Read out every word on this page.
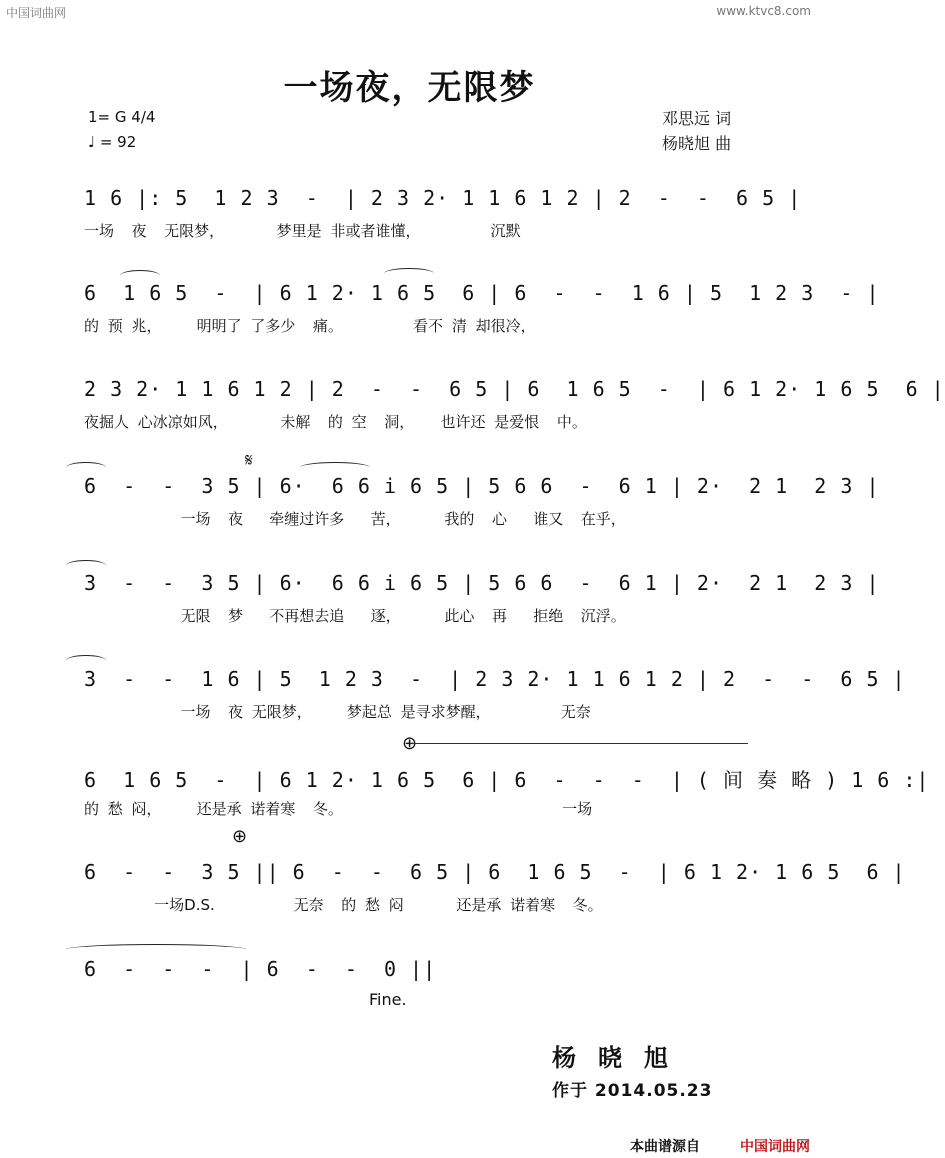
中国词曲网	www.ktvc8.com
一场夜，无限梦
1= G 4/4
♩ = 92
邓思远 词
杨晓旭 曲
𝄋
⊕
⊕
1 6 |: 5  1 2 3  -  | 2 3 2· 1 1 6 1 2 | 2  -  -  6 5 |
一场  夜  无限梦，      梦里是 非或者谁懂，        沉默
6  1 6 5  -  | 6 1 2· 1 6 5  6 | 6  -  -  1 6 | 5  1 2 3  - |
的 预 兆，    明明了 了多少  痛。        看不 清 却很冷，
2 3 2· 1 1 6 1 2 | 2  -  -  6 5 | 6  1 6 5  -  | 6 1 2· 1 6 5  6 |
夜掘人 心冰凉如风，      未解  的 空  洞，   也许还 是爱恨  中。
6  -  -  3 5 | 6·  6 6 i 6 5 | 5 6 6  -  6 1 | 2·  2 1  2 3 |
一场  夜   牵缠过许多   苦，     我的  心   谁又  在乎，
3  -  -  3 5 | 6·  6 6 i 6 5 | 5 6 6  -  6 1 | 2·  2 1  2 3 |
无限  梦   不再想去追   逐，     此心  再   拒绝  沉浮。
3  -  -  1 6 | 5  1 2 3  -  | 2 3 2· 1 1 6 1 2 | 2  -  -  6 5 |
一场  夜 无限梦，    梦起总 是寻求梦醒，        无奈
6  1 6 5  -  | 6 1 2· 1 6 5  6 | 6  -  -  -  | ( 间 奏 略 ) 1 6 :|
的 愁 闷，    还是承 诺着寒  冬。                         一场
6  -  -  3 5 || 6  -  -  6 5 | 6  1 6 5  -  | 6 1 2· 1 6 5  6 |
一场D.S.         无奈  的 愁 闷      还是承 诺着寒  冬。
6  -  -  -  | 6  -  -  0 ||
Fine.
杨晓旭
作于 2014.05.23
本曲谱源自	中国词曲网
